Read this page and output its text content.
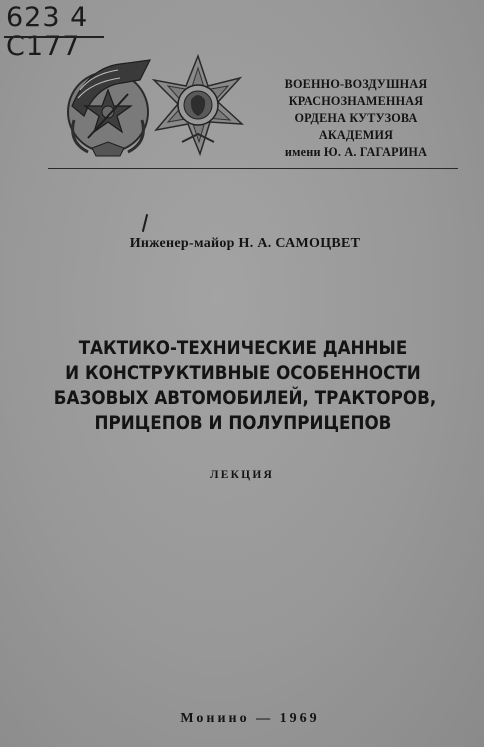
623 4
С177
ВОЕННО-ВОЗДУШНАЯ
КРАСНОЗНАМЕННАЯ
ОРДЕНА КУТУЗОВА АКАДЕМИЯ
имени Ю. А. ГАГАРИНА
Инженер-майор Н. А. САМОЦВЕТ
ТАКТИКО-ТЕХНИЧЕСКИЕ ДАННЫЕ
И КОНСТРУКТИВНЫЕ ОСОБЕННОСТИ
БАЗОВЫХ АВТОМОБИЛЕЙ, ТРАКТОРОВ,
ПРИЦЕПОВ И ПОЛУПРИЦЕПОВ
ЛЕКЦИЯ
Монино — 1969
